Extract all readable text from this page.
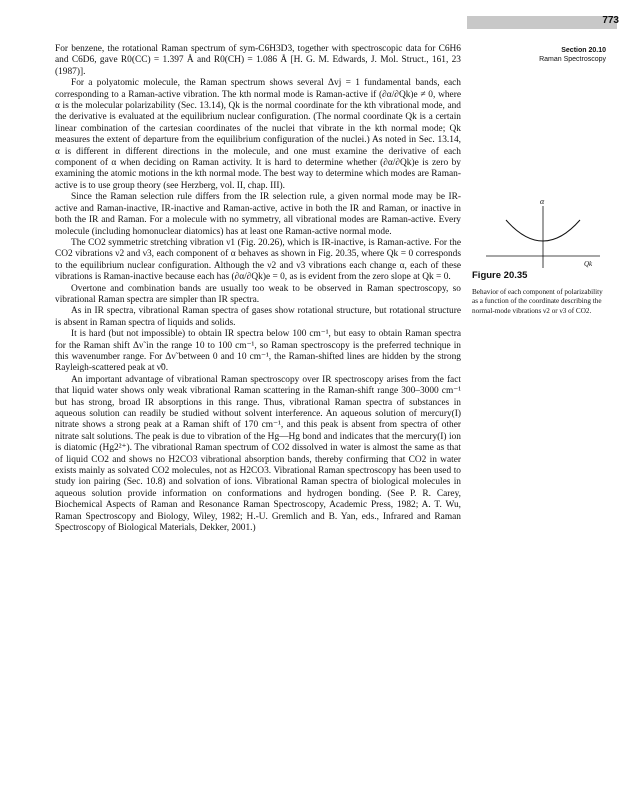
773
Section 20.10
Raman Spectroscopy

For benzene, the rotational Raman spectrum of sym-C6H3D3, together with spectroscopic data for C6H6 and C6D6, gave R0(CC) = 1.397 Å and R0(CH) = 1.086 Å [H. G. M. Edwards, J. Mol. Struct., 161, 23 (1987)].

For a polyatomic molecule, the Raman spectrum shows several Δvj = 1 fundamental bands, each corresponding to a Raman-active vibration. The kth normal mode is Raman-active if (∂α/∂Qk)e ≠ 0, where α is the molecular polarizability (Sec. 13.14), Qk is the normal coordinate for the kth vibrational mode, and the derivative is evaluated at the equilibrium nuclear configuration. (The normal coordinate Qk is a certain linear combination of the cartesian coordinates of the nuclei that vibrate in the kth normal mode; Qk measures the extent of departure from the equilibrium configuration of the nuclei.) As noted in Sec. 13.14, α is different in different directions in the molecule, and one must examine the derivative of each component of α when deciding on Raman activity. It is hard to determine whether (∂α/∂Qk)e is zero by examining the atomic motions in the kth normal mode. The best way to determine which modes are Raman-active is to use group theory (see Herzberg, vol. II, chap. III).

Since the Raman selection rule differs from the IR selection rule, a given normal mode may be IR-active and Raman-inactive, IR-inactive and Raman-active, active in both the IR and Raman, or inactive in both the IR and Raman. For a molecule with no symmetry, all vibrational modes are Raman-active. Every molecule (including homonuclear diatomics) has at least one Raman-active normal mode.

The CO2 symmetric stretching vibration ν1 (Fig. 20.26), which is IR-inactive, is Raman-active. For the CO2 vibrations ν2 and ν3, each component of α behaves as shown in Fig. 20.35, where Qk = 0 corresponds to the equilibrium nuclear configuration. Although the ν2 and ν3 vibrations each change α, each of these vibrations is Raman-inactive because each has (∂α/∂Qk)e = 0, as is evident from the zero slope at Qk = 0.

Overtone and combination bands are usually too weak to be observed in Raman spectroscopy, so vibrational Raman spectra are simpler than IR spectra.

As in IR spectra, vibrational Raman spectra of gases show rotational structure, but rotational structure is absent in Raman spectra of liquids and solids.

It is hard (but not impossible) to obtain IR spectra below 100 cm⁻¹, but easy to obtain Raman spectra for the Raman shift Δν̃ in the range 10 to 100 cm⁻¹, so Raman spectroscopy is the preferred technique in this wavenumber range. For Δν̃ between 0 and 10 cm⁻¹, the Raman-shifted lines are hidden by the strong Rayleigh-scattered peak at ν̃0.

An important advantage of vibrational Raman spectroscopy over IR spectroscopy arises from the fact that liquid water shows only weak vibrational Raman scattering in the Raman-shift range 300–3000 cm⁻¹ but has strong, broad IR absorptions in this range. Thus, vibrational Raman spectra of substances in aqueous solution can readily be studied without solvent interference. An aqueous solution of mercury(I) nitrate shows a strong peak at a Raman shift of 170 cm⁻¹, and this peak is absent from spectra of other nitrate salt solutions. The peak is due to vibration of the Hg—Hg bond and indicates that the mercury(I) ion is diatomic (Hg2²⁺). The vibrational Raman spectrum of CO2 dissolved in water is almost the same as that of liquid CO2 and shows no H2CO3 vibrational absorption bands, thereby confirming that CO2 in water exists mainly as solvated CO2 molecules, not as H2CO3. Vibrational Raman spectroscopy has been used to study ion pairing (Sec. 10.8) and solvation of ions. Vibrational Raman spectra of biological molecules in aqueous solution provide information on conformations and hydrogen bonding. (See P. R. Carey, Biochemical Aspects of Raman and Resonance Raman Spectroscopy, Academic Press, 1982; A. T. Wu, Raman Spectroscopy and Biology, Wiley, 1982; H.-U. Gremlich and B. Yan, eds., Infrared and Raman Spectroscopy of Biological Materials, Dekker, 2001.)

α
Qk
Figure 20.35
Behavior of each component of polarizability as a function of the coordinate describing the normal-mode vibrations ν2 or ν3 of CO2.
